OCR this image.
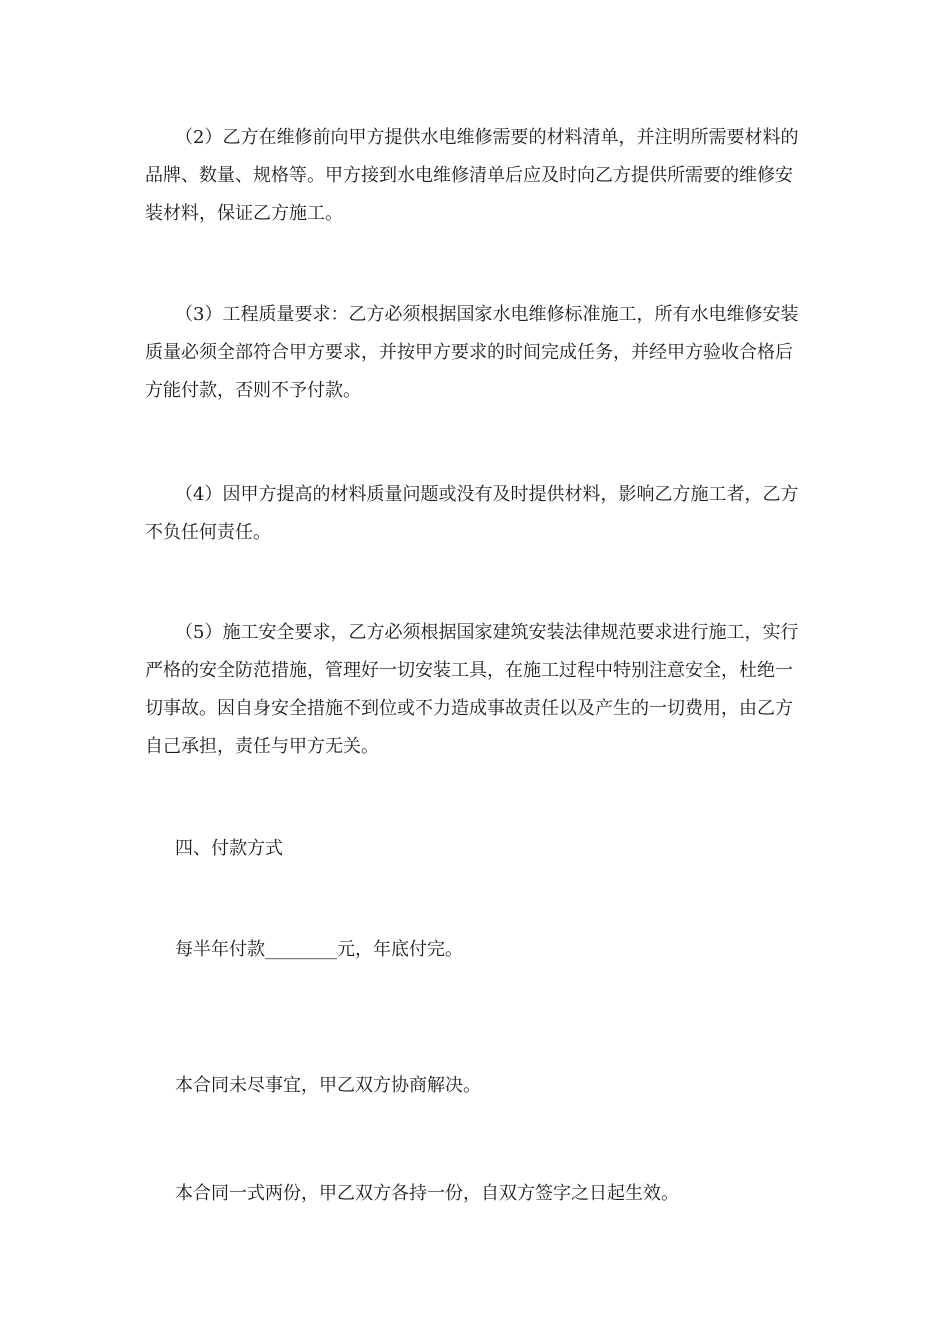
（2）乙方在维修前向甲方提供水电维修需要的材料清单，并注明所需要材料的品牌、数量、规格等。甲方接到水电维修清单后应及时向乙方提供所需要的维修安装材料，保证乙方施工。

（3）工程质量要求：乙方必须根据国家水电维修标准施工，所有水电维修安装质量必须全部符合甲方要求，并按甲方要求的时间完成任务，并经甲方验收合格后方能付款，否则不予付款。

（4）因甲方提高的材料质量问题或没有及时提供材料，影响乙方施工者，乙方不负任何责任。

（5）施工安全要求，乙方必须根据国家建筑安装法律规范要求进行施工，实行严格的安全防范措施，管理好一切安装工具，在施工过程中特别注意安全，杜绝一切事故。因自身安全措施不到位或不力造成事故责任以及产生的一切费用，由乙方自己承担，责任与甲方无关。

四、付款方式

每半年付款________元，年底付完。

本合同未尽事宜，甲乙双方协商解决。

本合同一式两份，甲乙双方各持一份，自双方签字之日起生效。
